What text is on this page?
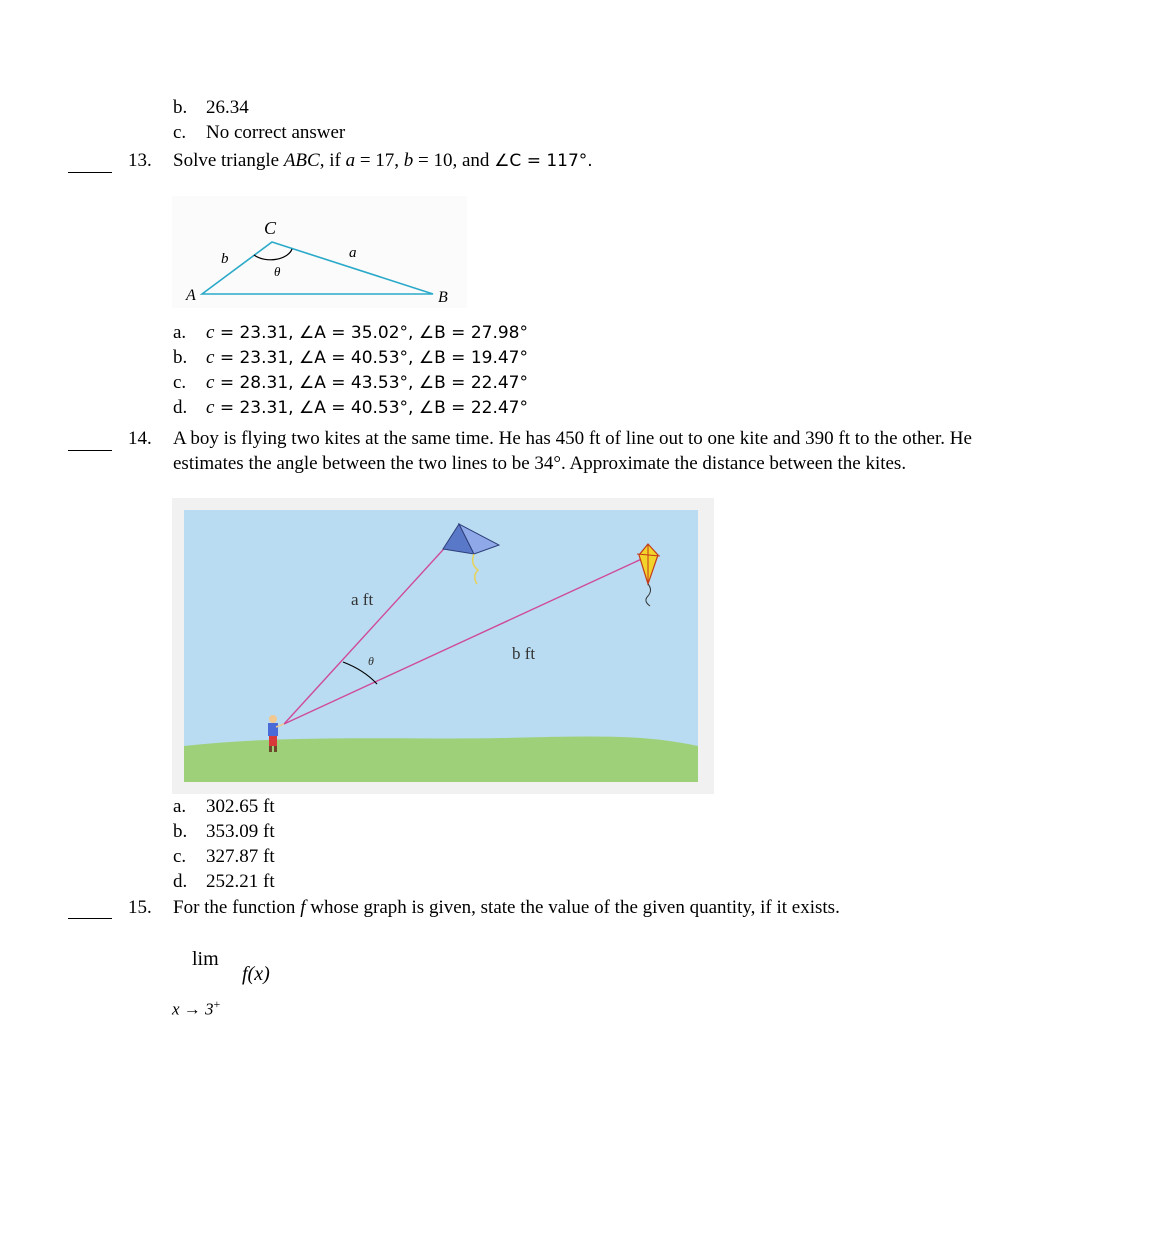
b. 26.34
c.	No correct answer
13.	Solve triangle ABC, if a = 17, b = 10, and ∠C = 117°.
C
b	a
θ
A	B
a.	c = 23.31, ∠A = 35.02°, ∠B = 27.98°
b. c = 23.31, ∠A = 40.53°, ∠B = 19.47°
c.	c = 28.31, ∠A = 43.53°, ∠B = 22.47°
d. c = 23.31, ∠A = 40.53°, ∠B = 22.47°
14.	A boy is flying two kites at the same time. He has 450 ft of line out to one kite and 390 ft to the other. He
estimates the angle between the two lines to be 34°. Approximate the distance between the kites.
a ft
b ft
θ
a.	302.65 ft
b. 353.09 ft
c.	327.87 ft
d. 252.21 ft
15.	For the function f whose graph is given, state the value of the given quantity, if it exists.
lim
f(x)
x → 3+
